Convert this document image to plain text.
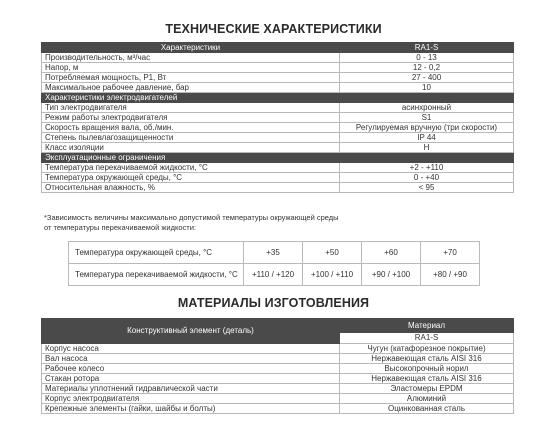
ТЕХНИЧЕСКИЕ ХАРАКТЕРИСТИКИ
Характеристики	RA1-S
Производительность, м³/час	0 - 13
Напор, м	12 - 0,2
Потребляемая мощность, P1, Вт	27 - 400
Максимальное рабочее давление, бар	10
Характеристики электродвигателей	
Тип электродвигателя	асинхронный
Режим работы электродвигателя	S1
Скорость вращения вала, об./мин.	Регулируемая вручную (три скорости)
Степень пылевлагозащищенности	IP 44
Класс изоляции	H
Эксплуатационные ограничения	
Температура перекачиваемой жидкости, °С	+2 - +110
Температура окружающей среды, °С	0 - +40
Относительная влажность, %	< 95
*Зависимость величины максимально допустимой температуры окружающей среды
от температуры перекачиваемой жидкости:
Температура окружающей среды, °С	+35	+50	+60	+70
Температура перекачиваемой жидкости, °С	+110 / +120	+100 / +110	+90 / +100	+80 / +90
МАТЕРИАЛЫ ИЗГОТОВЛЕНИЯ
Конструктивный элемент (деталь)	Материал
	RA1-S
Корпус насоса	Чугун (катафорезное покрытие)
Вал насоса	Нержавеющая сталь AISI 316
Рабочее колесо	Высокопрочный норил
Стакан ротора	Нержавеющая сталь AISI 316
Материалы уплотнений гидравлической части	Эластомеры EPDM
Корпус электродвигателя	Алюминий
Крепежные элементы (гайки, шайбы и болты)	Оцинкованная сталь
